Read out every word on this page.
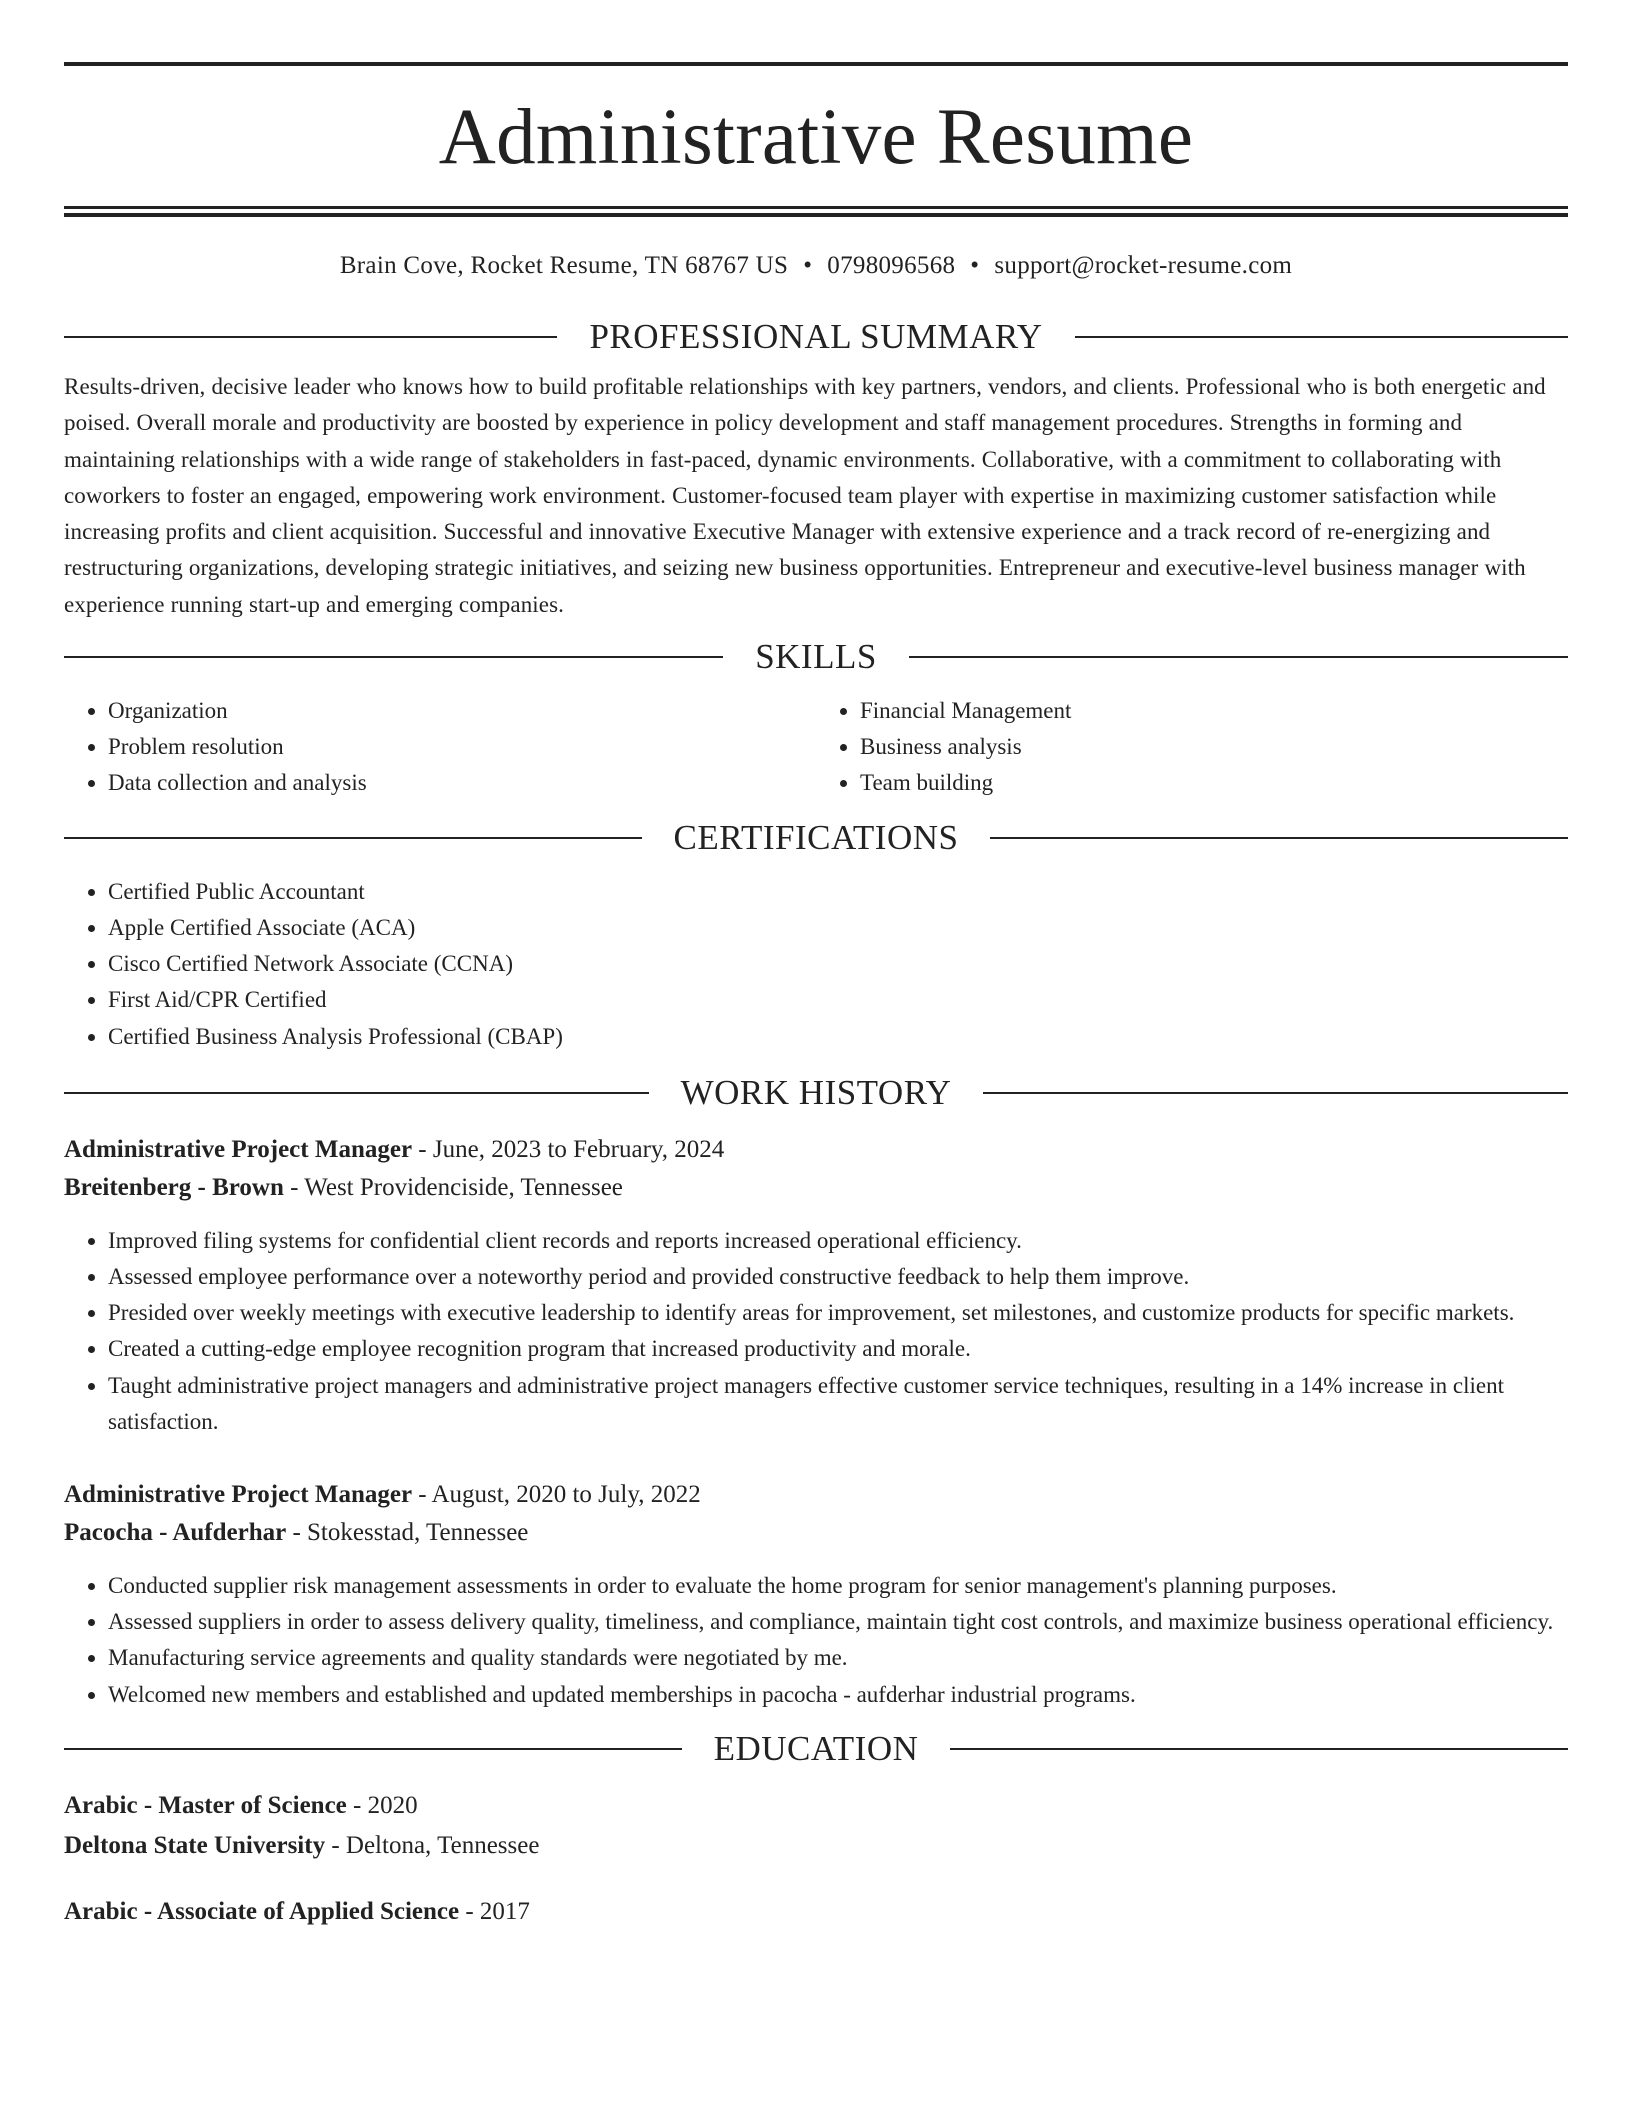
Administrative Resume
Brain Cove, Rocket Resume, TN 68767 US • 0798096568 • support@rocket-resume.com
PROFESSIONAL SUMMARY

Results-driven, decisive leader who knows how to build profitable relationships with key partners, vendors, and clients. Professional who is both energetic and poised. Overall morale and productivity are boosted by experience in policy development and staff management procedures. Strengths in forming and maintaining relationships with a wide range of stakeholders in fast-paced, dynamic environments. Collaborative, with a commitment to collaborating with coworkers to foster an engaged, empowering work environment. Customer-focused team player with expertise in maximizing customer satisfaction while increasing profits and client acquisition. Successful and innovative Executive Manager with extensive experience and a track record of re-energizing and restructuring organizations, developing strategic initiatives, and seizing new business opportunities. Entrepreneur and executive-level business manager with experience running start-up and emerging companies.

SKILLS
• Organization
• Problem resolution
• Data collection and analysis
• Financial Management
• Business analysis
• Team building
CERTIFICATIONS
• Certified Public Accountant
• Apple Certified Associate (ACA)
• Cisco Certified Network Associate (CCNA)
• First Aid/CPR Certified
• Certified Business Analysis Professional (CBAP)
WORK HISTORY
Administrative Project Manager - June, 2023 to February, 2024
Breitenberg - Brown - West Providenciside, Tennessee
• Improved filing systems for confidential client records and reports increased operational efficiency.
• Assessed employee performance over a noteworthy period and provided constructive feedback to help them improve.
• Presided over weekly meetings with executive leadership to identify areas for improvement, set milestones, and customize products for specific markets.
• Created a cutting-edge employee recognition program that increased productivity and morale.
• Taught administrative project managers and administrative project managers effective customer service techniques, resulting in a 14% increase in client satisfaction.
Administrative Project Manager - August, 2020 to July, 2022
Pacocha - Aufderhar - Stokesstad, Tennessee
• Conducted supplier risk management assessments in order to evaluate the home program for senior management's planning purposes.
• Assessed suppliers in order to assess delivery quality, timeliness, and compliance, maintain tight cost controls, and maximize business operational efficiency.
• Manufacturing service agreements and quality standards were negotiated by me.
• Welcomed new members and established and updated memberships in pacocha - aufderhar industrial programs.
EDUCATION
Arabic - Master of Science - 2020
Deltona State University - Deltona, Tennessee
Arabic - Associate of Applied Science - 2017
